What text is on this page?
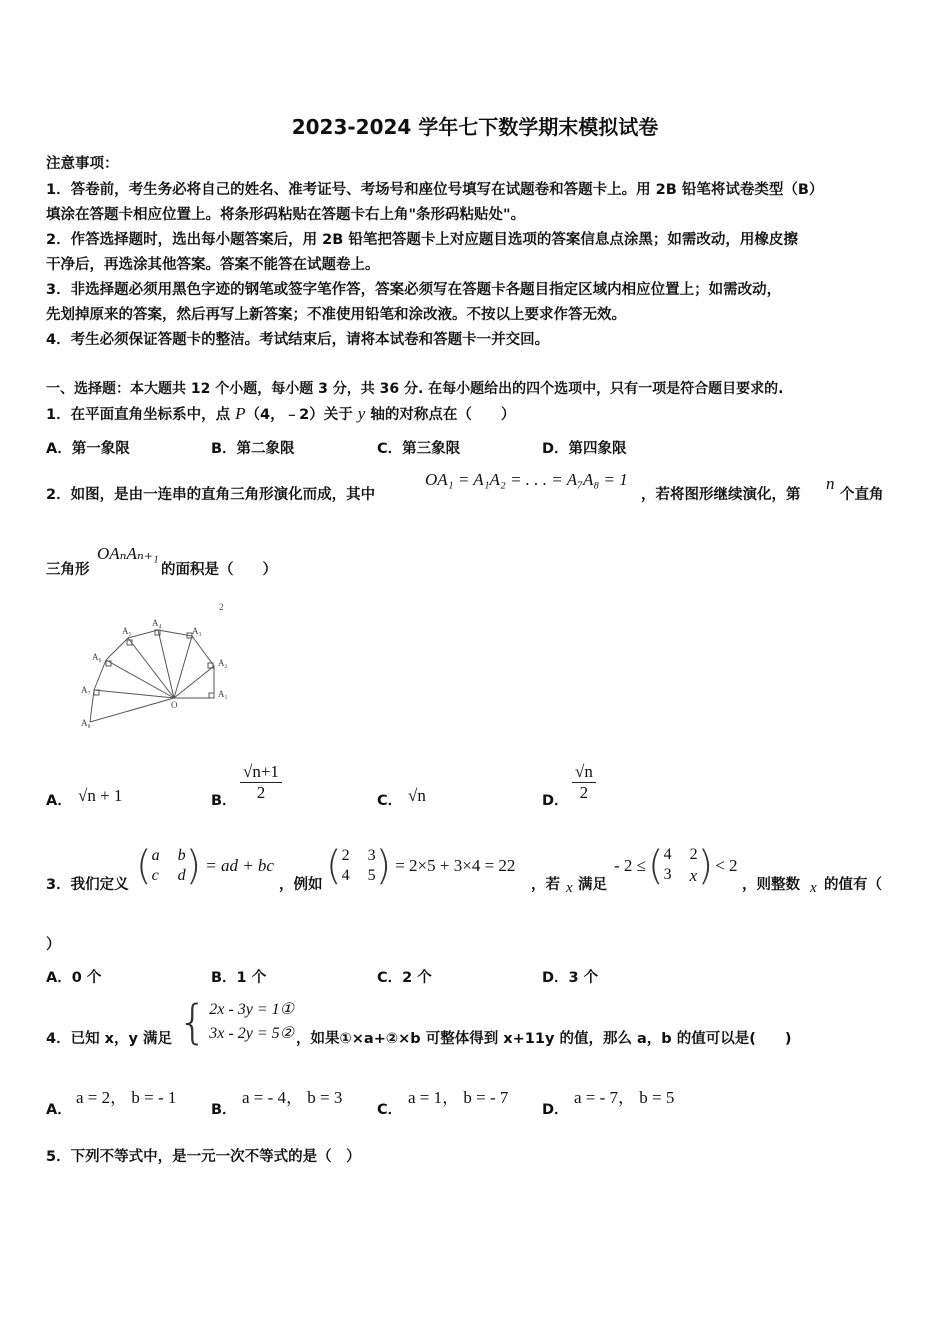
2023-2024 学年七下数学期末模拟试卷
注意事项：
1．答卷前，考生务必将自己的姓名、准考证号、考场号和座位号填写在试题卷和答题卡上。用 2B 铅笔将试卷类型（B）
填涂在答题卡相应位置上。将条形码粘贴在答题卡右上角"条形码粘贴处"。
2．作答选择题时，选出每小题答案后，用 2B 铅笔把答题卡上对应题目选项的答案信息点涂黑；如需改动，用橡皮擦
干净后，再选涂其他答案。答案不能答在试题卷上。
3．非选择题必须用黑色字迹的钢笔或签字笔作答，答案必须写在答题卡各题目指定区域内相应位置上；如需改动，
先划掉原来的答案，然后再写上新答案；不准使用铅笔和涂改液。不按以上要求作答无效。
4．考生必须保证答题卡的整洁。考试结束后，请将本试卷和答题卡一并交回。
一、选择题：本大题共 12 个小题，每小题 3 分，共 36 分. 在每小题给出的四个选项中，只有一项是符合题目要求的.
1．在平面直角坐标系中，点 P（4，﹣2）关于 y 轴的对称点在（　　）
A．第一象限	B．第二象限	C．第三象限	D．第四象限
2．如图，是由一连串的直角三角形演化而成，其中
OA₁ = A₁A₂ = . . . = A₇A₈ = 1
，若将图形继续演化，第
n
个直角
三角形
OAₙAₙ₊₁
的面积是（　　）
A₁
A₂
A₃
A₄
A₅
A₆
A₇
A₈
O
2
A． √n + 1	B． $\frac{√n+1}{2}$	C． √n	D． $\frac{√n}{2}$
3．我们定义 ( a b
c d ) = ad + bc
，例如 ( 2 3
4 5 ) = 2×5 + 3×4 = 22
，若 x 满足
- 2 ≤ ( 4 2
3 x ) < 2
，则整数 x 的值有（
）
A．0 个	B．1 个	C．2 个	D．3 个
4．已知 x，y 满足 { 2x - 3y = 1①
3x - 2y = 5② ，如果①×a+②×b 可整体得到 x+11y 的值，那么 a，b 的值可以是(　　)
A．
a = 2， b = - 1
B．
a = - 4， b = 3
C．
a = 1， b = - 7
D．
a = - 7， b = 5
5．下列不等式中，是一元一次不等式的是（　）
